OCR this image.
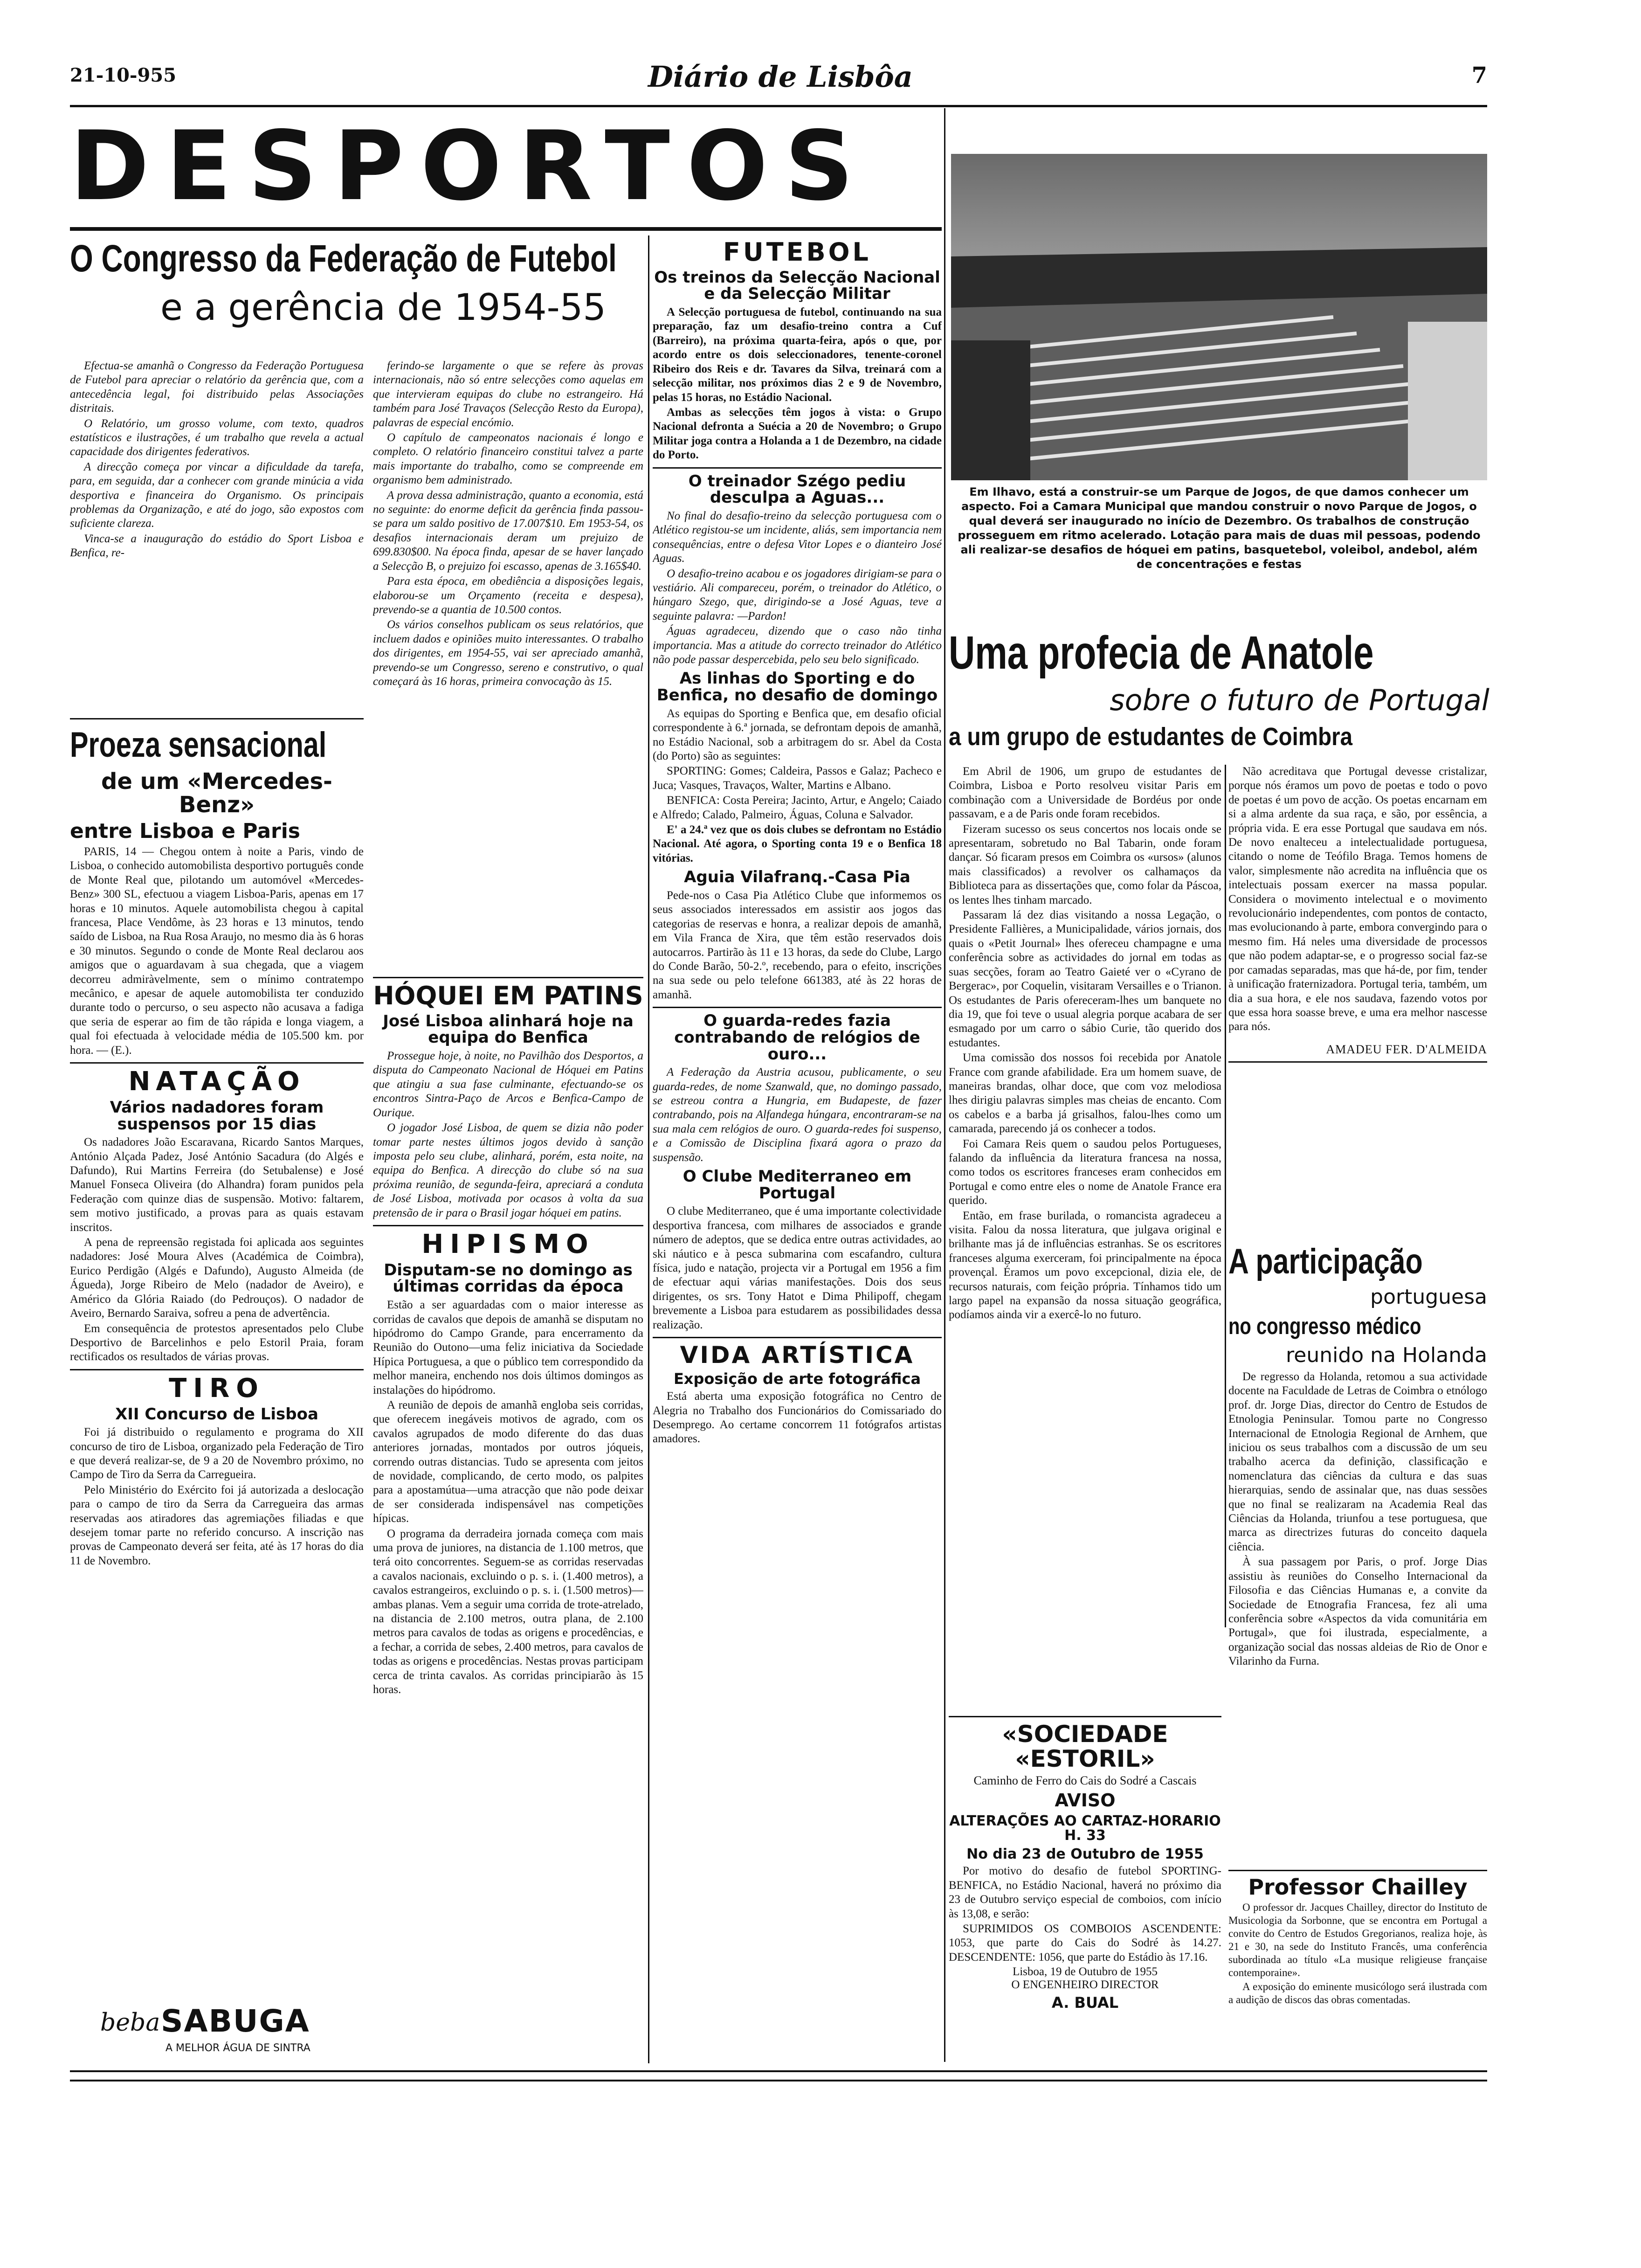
21-10-955	Diário de Lisbôa	7
DESPORTOS
O Congresso da Federação de Futebol
e a gerência de 1954-55

Efectua-se amanhã o Congresso da Federação Portuguesa de Futebol para apreciar o relatório da gerência que, com a antecedência legal, foi distribuido pelas Associações distritais.

O Relatório, um grosso volume, com texto, quadros estatísticos e ilustrações, é um trabalho que revela a actual capacidade dos dirigentes federativos.

A direcção começa por vincar a dificuldade da tarefa, para, em seguida, dar a conhecer com grande minúcia a vida desportiva e financeira do Organismo. Os principais problemas da Organização, e até do jogo, são expostos com suficiente clareza.

Vinca-se a inauguração do estádio do Sport Lisboa e Benfica, re-

ferindo-se largamente o que se refere às provas internacionais, não só entre selecções como aquelas em que intervieram equipas do clube no estrangeiro. Há também para José Travaços (Selecção Resto da Europa), palavras de especial encómio.

O capítulo de campeonatos nacionais é longo e completo. O relatório financeiro constitui talvez a parte mais importante do trabalho, como se compreende em organismo bem administrado.

A prova dessa administração, quanto a economia, está no seguinte: do enorme deficit da gerência finda passou-se para um saldo positivo de 17.007$10. Em 1953-54, os desafios internacionais deram um prejuizo de 699.830$00. Na época finda, apesar de se haver lançado a Selecção B, o prejuizo foi escasso, apenas de 3.165$40.

Para esta época, em obediência a disposições legais, elaborou-se um Orçamento (receita e despesa), prevendo-se a quantia de 10.500 contos.

Os vários conselhos publicam os seus relatórios, que incluem dados e opiniões muito interessantes. O trabalho dos dirigentes, em 1954-55, vai ser apreciado amanhã, prevendo-se um Congresso, sereno e construtivo, o qual começará às 16 horas, primeira convocação às 15.

Proeza sensacional
de um «Mercedes-Benz»
entre Lisboa e Paris

PARIS, 14 — Chegou ontem à noite a Paris, vindo de Lisboa, o conhecido automobilista desportivo português conde de Monte Real que, pilotando um automóvel «Mercedes-Benz» 300 SL, efectuou a viagem Lisboa-Paris, apenas em 17 horas e 10 minutos. Aquele automobilista chegou à capital francesa, Place Vendôme, às 23 horas e 13 minutos, tendo saído de Lisboa, na Rua Rosa Araujo, no mesmo dia às 6 horas e 30 minutos. Segundo o conde de Monte Real declarou aos amigos que o aguardavam à sua chegada, que a viagem decorreu admiràvelmente, sem o mínimo contratempo mecânico, e apesar de aquele automobilista ter conduzido durante todo o percurso, o seu aspecto não acusava a fadiga que seria de esperar ao fim de tão rápida e longa viagem, a qual foi efectuada à velocidade média de 105.500 km. por hora. — (E.).

NATAÇÃO
Vários nadadores foram suspensos por 15 dias

Os nadadores João Escaravana, Ricardo Santos Marques, António Alçada Padez, José António Sacadura (do Algés e Dafundo), Rui Martins Ferreira (do Setubalense) e José Manuel Fonseca Oliveira (do Alhandra) foram punidos pela Federação com quinze dias de suspensão. Motivo: faltarem, sem motivo justificado, a provas para as quais estavam inscritos.

A pena de repreensão registada foi aplicada aos seguintes nadadores: José Moura Alves (Académica de Coimbra), Eurico Perdigão (Algés e Dafundo), Augusto Almeida (de Águeda), Jorge Ribeiro de Melo (nadador de Aveiro), e Américo da Glória Raiado (do Pedrouços). O nadador de Aveiro, Bernardo Saraiva, sofreu a pena de advertência.

Em consequência de protestos apresentados pelo Clube Desportivo de Barcelinhos e pelo Estoril Praia, foram rectificados os resultados de várias provas.

TIRO
XII Concurso de Lisboa

Foi já distribuido o regulamento e programa do XII concurso de tiro de Lisboa, organizado pela Federação de Tiro e que deverá realizar-se, de 9 a 20 de Novembro próximo, no Campo de Tiro da Serra da Carregueira.

Pelo Ministério do Exército foi já autorizada a deslocação para o campo de tiro da Serra da Carregueira das armas reservadas aos atiradores das agremiações filiadas e que desejem tomar parte no referido concurso. A inscrição nas provas de Campeonato deverá ser feita, até às 17 horas do dia 11 de Novembro.

beba SABUGA
A MELHOR ÁGUA DE SINTRA
HÓQUEI EM PATINS
José Lisboa alinhará hoje na equipa do Benfica

Prossegue hoje, à noite, no Pavilhão dos Desportos, a disputa do Campeonato Nacional de Hóquei em Patins que atingiu a sua fase culminante, efectuando-se os encontros Sintra-Paço de Arcos e Benfica-Campo de Ourique.

O jogador José Lisboa, de quem se dizia não poder tomar parte nestes últimos jogos devido à sanção imposta pelo seu clube, alinhará, porém, esta noite, na equipa do Benfica. A direcção do clube só na sua próxima reunião, de segunda-feira, apreciará a conduta de José Lisboa, motivada por ocasos à volta da sua pretensão de ir para o Brasil jogar hóquei em patins.

HIPISMO
Disputam-se no domingo as últimas corridas da época

Estão a ser aguardadas com o maior interesse as corridas de cavalos que depois de amanhã se disputam no hipódromo do Campo Grande, para encerramento da Reunião do Outono—uma feliz iniciativa da Sociedade Hípica Portuguesa, a que o público tem correspondido da melhor maneira, enchendo nos dois últimos domingos as instalações do hipódromo.

A reunião de depois de amanhã engloba seis corridas, que oferecem inegáveis motivos de agrado, com os cavalos agrupados de modo diferente do das duas anteriores jornadas, montados por outros jóqueis, correndo outras distancias. Tudo se apresenta com jeitos de novidade, complicando, de certo modo, os palpites para a apostamútua—uma atracção que não pode deixar de ser considerada indispensável nas competições hípicas.

O programa da derradeira jornada começa com mais uma prova de juniores, na distancia de 1.100 metros, que terá oito concorrentes. Seguem-se as corridas reservadas a cavalos nacionais, excluindo o p. s. i. (1.400 metros), a cavalos estrangeiros, excluindo o p. s. i. (1.500 metros)—ambas planas. Vem a seguir uma corrida de trote-atrelado, na distancia de 2.100 metros, outra plana, de 2.100 metros para cavalos de todas as origens e procedências, e a fechar, a corrida de sebes, 2.400 metros, para cavalos de todas as origens e procedências. Nestas provas participam cerca de trinta cavalos. As corridas principiarão às 15 horas.

FUTEBOL
Os treinos da Selecção Nacional e da Selecção Militar

A Selecção portuguesa de futebol, continuando na sua preparação, faz um desafio-treino contra a Cuf (Barreiro), na próxima quarta-feira, após o que, por acordo entre os dois seleccionadores, tenente-coronel Ribeiro dos Reis e dr. Tavares da Silva, treinará com a selecção militar, nos próximos dias 2 e 9 de Novembro, pelas 15 horas, no Estádio Nacional.

Ambas as selecções têm jogos à vista: o Grupo Nacional defronta a Suécia a 20 de Novembro; o Grupo Militar joga contra a Holanda a 1 de Dezembro, na cidade do Porto.

O treinador Szégo pediu desculpa a Aguas...

No final do desafio-treino da selecção portuguesa com o Atlético registou-se um incidente, aliás, sem importancia nem consequências, entre o defesa Vitor Lopes e o dianteiro José Aguas.

O desafio-treino acabou e os jogadores dirigiam-se para o vestiário. Ali compareceu, porém, o treinador do Atlético, o húngaro Szego, que, dirigindo-se a José Aguas, teve a seguinte palavra: —Pardon!

Águas agradeceu, dizendo que o caso não tinha importancia. Mas a atitude do correcto treinador do Atlético não pode passar despercebida, pelo seu belo significado.

As linhas do Sporting e do Benfica, no desafio de domingo

As equipas do Sporting e Benfica que, em desafio oficial correspondente à 6.ª jornada, se defrontam depois de amanhã, no Estádio Nacional, sob a arbitragem do sr. Abel da Costa (do Porto) são as seguintes:

SPORTING: Gomes; Caldeira, Passos e Galaz; Pacheco e Juca; Vasques, Travaços, Walter, Martins e Albano.

BENFICA: Costa Pereira; Jacinto, Artur, e Angelo; Caiado e Alfredo; Calado, Palmeiro, Águas, Coluna e Salvador.

E' a 24.ª vez que os dois clubes se defrontam no Estádio Nacional. Até agora, o Sporting conta 19 e o Benfica 18 vitórias.

Aguia Vilafranq.-Casa Pia

Pede-nos o Casa Pia Atlético Clube que informemos os seus associados interessados em assistir aos jogos das categorias de reservas e honra, a realizar depois de amanhã, em Vila Franca de Xira, que têm estão reservados dois autocarros. Partirão às 11 e 13 horas, da sede do Clube, Largo do Conde Barão, 50-2.º, recebendo, para o efeito, inscrições na sua sede ou pelo telefone 661383, até às 22 horas de amanhã.

O guarda-redes fazia contrabando de relógios de ouro...

A Federação da Austria acusou, publicamente, o seu guarda-redes, de nome Szanwald, que, no domingo passado, se estreou contra a Hungria, em Budapeste, de fazer contrabando, pois na Alfandega húngara, encontraram-se na sua mala cem relógios de ouro. O guarda-redes foi suspenso, e a Comissão de Disciplina fixará agora o prazo da suspensão.

O Clube Mediterraneo em Portugal

O clube Mediterraneo, que é uma importante colectividade desportiva francesa, com milhares de associados e grande número de adeptos, que se dedica entre outras actividades, ao ski náutico e à pesca submarina com escafandro, cultura física, judo e natação, projecta vir a Portugal em 1956 a fim de efectuar aqui várias manifestações. Dois dos seus dirigentes, os srs. Tony Hatot e Dima Philipoff, chegam brevemente a Lisboa para estudarem as possibilidades dessa realização.

VIDA ARTÍSTICA
Exposição de arte fotográfica

Está aberta uma exposição fotográfica no Centro de Alegria no Trabalho dos Funcionários do Comissariado do Desemprego. Ao certame concorrem 11 fotógrafos artistas amadores.

Em Ilhavo, está a construir-se um Parque de Jogos, de que damos conhecer um aspecto. Foi a Camara Municipal que mandou construir o novo Parque de Jogos, o qual deverá ser inaugurado no início de Dezembro. Os trabalhos de construção prosseguem em ritmo acelerado. Lotação para mais de duas mil pessoas, podendo ali realizar-se desafios de hóquei em patins, basquetebol, voleibol, andebol, além de concentrações e festas
Uma profecia de Anatole
sobre o futuro de Portugal
a um grupo de estudantes de Coimbra

Em Abril de 1906, um grupo de estudantes de Coimbra, Lisboa e Porto resolveu visitar Paris em combinação com a Universidade de Bordéus por onde passavam, e a de Paris onde foram recebidos.

Fizeram sucesso os seus concertos nos locais onde se apresentaram, sobretudo no Bal Tabarin, onde foram dançar. Só ficaram presos em Coimbra os «ursos» (alunos mais classificados) a revolver os calhamaços da Biblioteca para as dissertações que, como folar da Páscoa, os lentes lhes tinham marcado.

Passaram lá dez dias visitando a nossa Legação, o Presidente Fallières, a Municipalidade, vários jornais, dos quais o «Petit Journal» lhes ofereceu champagne e uma conferência sobre as actividades do jornal em todas as suas secções, foram ao Teatro Gaieté ver o «Cyrano de Bergerac», por Coquelin, visitaram Versailles e o Trianon. Os estudantes de Paris ofereceram-lhes um banquete no dia 19, que foi teve o usual alegria porque acabara de ser esmagado por um carro o sábio Curie, tão querido dos estudantes.

Uma comissão dos nossos foi recebida por Anatole France com grande afabilidade. Era um homem suave, de maneiras brandas, olhar doce, que com voz melodiosa lhes dirigiu palavras simples mas cheias de encanto. Com os cabelos e a barba já grisalhos, falou-lhes como um camarada, parecendo já os conhecer a todos.

Foi Camara Reis quem o saudou pelos Portugueses, falando da influência da literatura francesa na nossa, como todos os escritores franceses eram conhecidos em Portugal e como entre eles o nome de Anatole France era querido.

Então, em frase burilada, o romancista agradeceu a visita. Falou da nossa literatura, que julgava original e brilhante mas já de influências estranhas. Se os escritores franceses alguma exerceram, foi principalmente na época provençal. Éramos um povo excepcional, dizia ele, de recursos naturais, com feição própria. Tínhamos tido um largo papel na expansão da nossa situação geográfica, podíamos ainda vir a exercê-lo no futuro.

Não acreditava que Portugal devesse cristalizar, porque nós éramos um povo de poetas e todo o povo de poetas é um povo de acção. Os poetas encarnam em si a alma ardente da sua raça, e são, por essência, a própria vida. E era esse Portugal que saudava em nós. De novo enalteceu a intelectualidade portuguesa, citando o nome de Teófilo Braga. Temos homens de valor, simplesmente não acredita na influência que os intelectuais possam exercer na massa popular. Considera o movimento intelectual e o movimento revolucionário independentes, com pontos de contacto, mas evolucionando à parte, embora convergindo para o mesmo fim. Há neles uma diversidade de processos que não podem adaptar-se, e o progresso social faz-se por camadas separadas, mas que há-de, por fim, tender à unificação fraternizadora. Portugal teria, também, um dia a sua hora, e ele nos saudava, fazendo votos por que essa hora soasse breve, e uma era melhor nascesse para nós.

AMADEU FER. D'ALMEIDA
A participação
portuguesa
no congresso médico
reunido na Holanda

De regresso da Holanda, retomou a sua actividade docente na Faculdade de Letras de Coimbra o etnólogo prof. dr. Jorge Dias, director do Centro de Estudos de Etnologia Peninsular. Tomou parte no Congresso Internacional de Etnologia Regional de Arnhem, que iniciou os seus trabalhos com a discussão de um seu trabalho acerca da definição, classificação e nomenclatura das ciências da cultura e das suas hierarquias, sendo de assinalar que, nas duas sessões que no final se realizaram na Academia Real das Ciências da Holanda, triunfou a tese portuguesa, que marca as directrizes futuras do conceito daquela ciência.

À sua passagem por Paris, o prof. Jorge Dias assistiu às reuniões do Conselho Internacional da Filosofia e das Ciências Humanas e, a convite da Sociedade de Etnografia Francesa, fez ali uma conferência sobre «Aspectos da vida comunitária em Portugal», que foi ilustrada, especialmente, a organização social das nossas aldeias de Rio de Onor e Vilarinho da Furna.

«SOCIEDADE «ESTORIL»
Caminho de Ferro do Cais do Sodré a Cascais
AVISO
ALTERAÇÕES AO CARTAZ-HORARIO H. 33
No dia 23 de Outubro de 1955

Por motivo do desafio de futebol SPORTING-BENFICA, no Estádio Nacional, haverá no próximo dia 23 de Outubro serviço especial de comboios, com início às 13,08, e serão:

SUPRIMIDOS OS COMBOIOS ASCENDENTE: 1053, que parte do Cais do Sodré às 14.27. DESCENDENTE: 1056, que parte do Estádio às 17.16.

Lisboa, 19 de Outubro de 1955
O ENGENHEIRO DIRECTOR
A. BUAL
Professor Chailley

O professor dr. Jacques Chailley, director do Instituto de Musicologia da Sorbonne, que se encontra em Portugal a convite do Centro de Estudos Gregorianos, realiza hoje, às 21 e 30, na sede do Instituto Francês, uma conferência subordinada ao título «La musique religieuse française contemporaine».

A exposição do eminente musicólogo será ilustrada com a audição de discos das obras comentadas.
